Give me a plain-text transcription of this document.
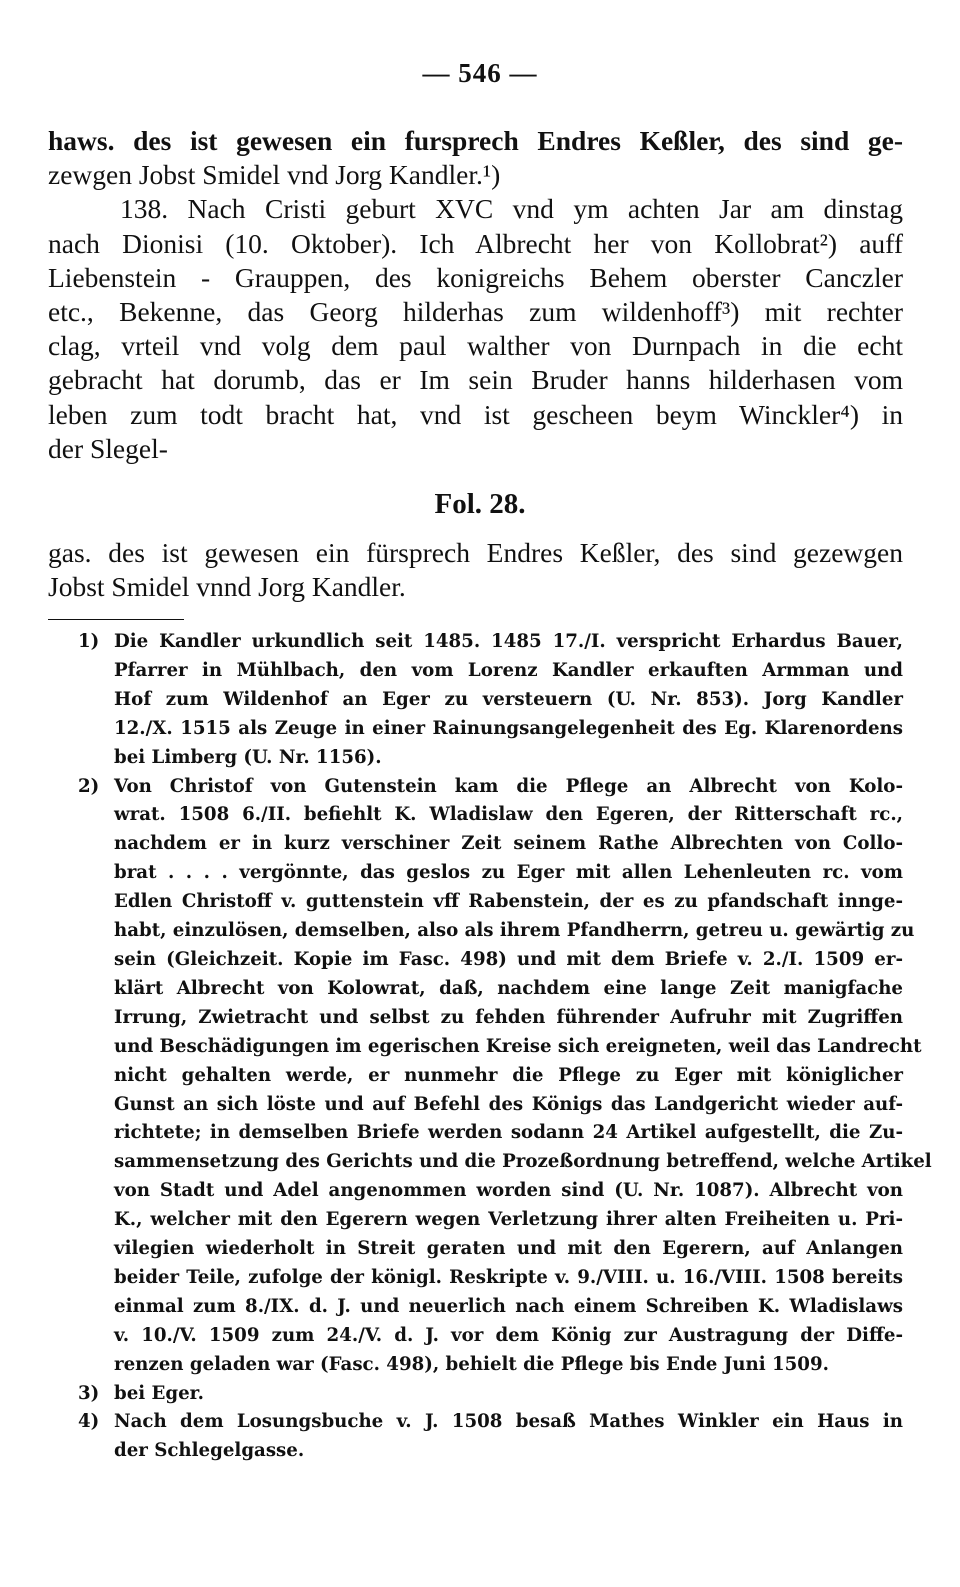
— 546 —
haws. des ist gewesen ein fursprech Endres Keßler, des sind ge-
zewgen Jobst Smidel vnd Jorg Kandler.¹)
138. Nach Cristi geburt XVC vnd ym achten Jar am dinstag
nach Dionisi (10. Oktober). Ich Albrecht her von Kollobrat²) auff
Liebenstein - Grauppen, des konigreichs Behem oberster Canczler
etc., Bekenne, das Georg hilderhas zum wildenhoff³) mit rechter
clag, vrteil vnd volg dem paul walther von Durnpach in die echt
gebracht hat dorumb, das er Im sein Bruder hanns hilderhasen vom
leben zum todt bracht hat, vnd ist gescheen beym Winckler⁴) in
der Slegel-
Fol. 28.
gas. des ist gewesen ein fürsprech Endres Keßler, des sind gezewgen
Jobst Smidel vnnd Jorg Kandler.
1) Die Kandler urkundlich seit 1485. 1485 17./I. verspricht Erhardus Bauer,
Pfarrer in Mühlbach, den vom Lorenz Kandler erkauften Armman und
Hof zum Wildenhof an Eger zu versteuern (U. Nr. 853). Jorg Kandler
12./X. 1515 als Zeuge in einer Rainungsangelegenheit des Eg. Klarenordens
bei Limberg (U. Nr. 1156).
2) Von Christof von Gutenstein kam die Pflege an Albrecht von Kolo-
wrat. 1508 6./II. befiehlt K. Wladislaw den Egeren, der Ritterschaft rc.,
nachdem er in kurz verschiner Zeit seinem Rathe Albrechten von Collo-
brat . . . . vergönnte, das geslos zu Eger mit allen Lehenleuten rc. vom
Edlen Christoff v. guttenstein vff Rabenstein, der es zu pfandschaft innge-
habt, einzulösen, demselben, also als ihrem Pfandherrn, getreu u. gewärtig zu
sein (Gleichzeit. Kopie im Fasc. 498) und mit dem Briefe v. 2./I. 1509 er-
klärt Albrecht von Kolowrat, daß, nachdem eine lange Zeit manigfache
Irrung, Zwietracht und selbst zu fehden führender Aufruhr mit Zugriffen
und Beschädigungen im egerischen Kreise sich ereigneten, weil das Landrecht
nicht gehalten werde, er nunmehr die Pflege zu Eger mit königlicher
Gunst an sich löste und auf Befehl des Königs das Landgericht wieder auf-
richtete; in demselben Briefe werden sodann 24 Artikel aufgestellt, die Zu-
sammensetzung des Gerichts und die Prozeßordnung betreffend, welche Artikel
von Stadt und Adel angenommen worden sind (U. Nr. 1087). Albrecht von
K., welcher mit den Egerern wegen Verletzung ihrer alten Freiheiten u. Pri-
vilegien wiederholt in Streit geraten und mit den Egerern, auf Anlangen
beider Teile, zufolge der königl. Reskripte v. 9./VIII. u. 16./VIII. 1508 bereits
einmal zum 8./IX. d. J. und neuerlich nach einem Schreiben K. Wladislaws
v. 10./V. 1509 zum 24./V. d. J. vor dem König zur Austragung der Diffe-
renzen geladen war (Fasc. 498), behielt die Pflege bis Ende Juni 1509.
3) bei Eger.
4) Nach dem Losungsbuche v. J. 1508 besaß Mathes Winkler ein Haus in
der Schlegelgasse.
